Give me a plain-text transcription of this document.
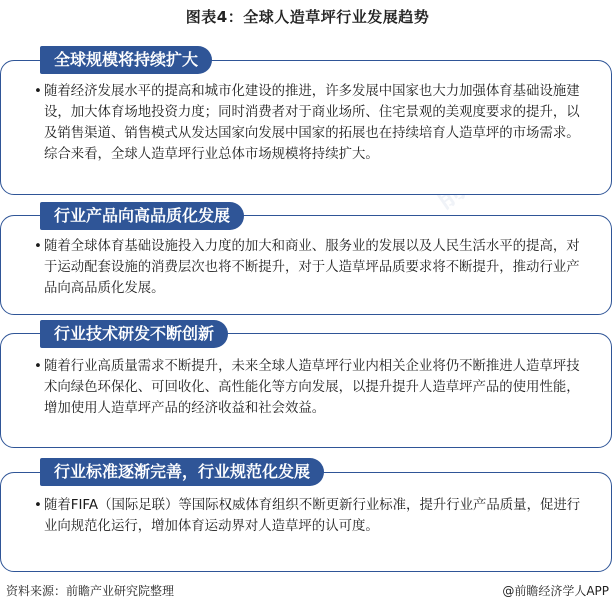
图表4：全球人造草坪行业发展趋势
全球规模将持续扩大
• 随着经济发展水平的提高和城市化建设的推进，许多发展中国家也大力加强体育基础设施建设，加大体育场地投资力度；同时消费者对于商业场所、住宅景观的美观度要求的提升，以及销售渠道、销售模式从发达国家向发展中国家的拓展也在持续培育人造草坪的市场需求。综合来看，全球人造草坪行业总体市场规模将持续扩大。
行业产品向高品质化发展
• 随着全球体育基础设施投入力度的加大和商业、服务业的发展以及人民生活水平的提高，对于运动配套设施的消费层次也将不断提升，对于人造草坪品质要求将不断提升，推动行业产品向高品质化发展。
行业技术研发不断创新
• 随着行业高质量需求不断提升，未来全球人造草坪行业内相关企业将仍不断推进人造草坪技术向绿色环保化、可回收化、高性能化等方向发展，以提升提升人造草坪产品的使用性能，增加使用人造草坪产品的经济收益和社会效益。
行业标准逐渐完善，行业规范化发展
• 随着FIFA（国际足联）等国际权威体育组织不断更新行业标准，提升行业产品质量，促进行业向规范化运行，增加体育运动界对人造草坪的认可度。
资料来源：前瞻产业研究院整理	@前瞻经济学人APP
